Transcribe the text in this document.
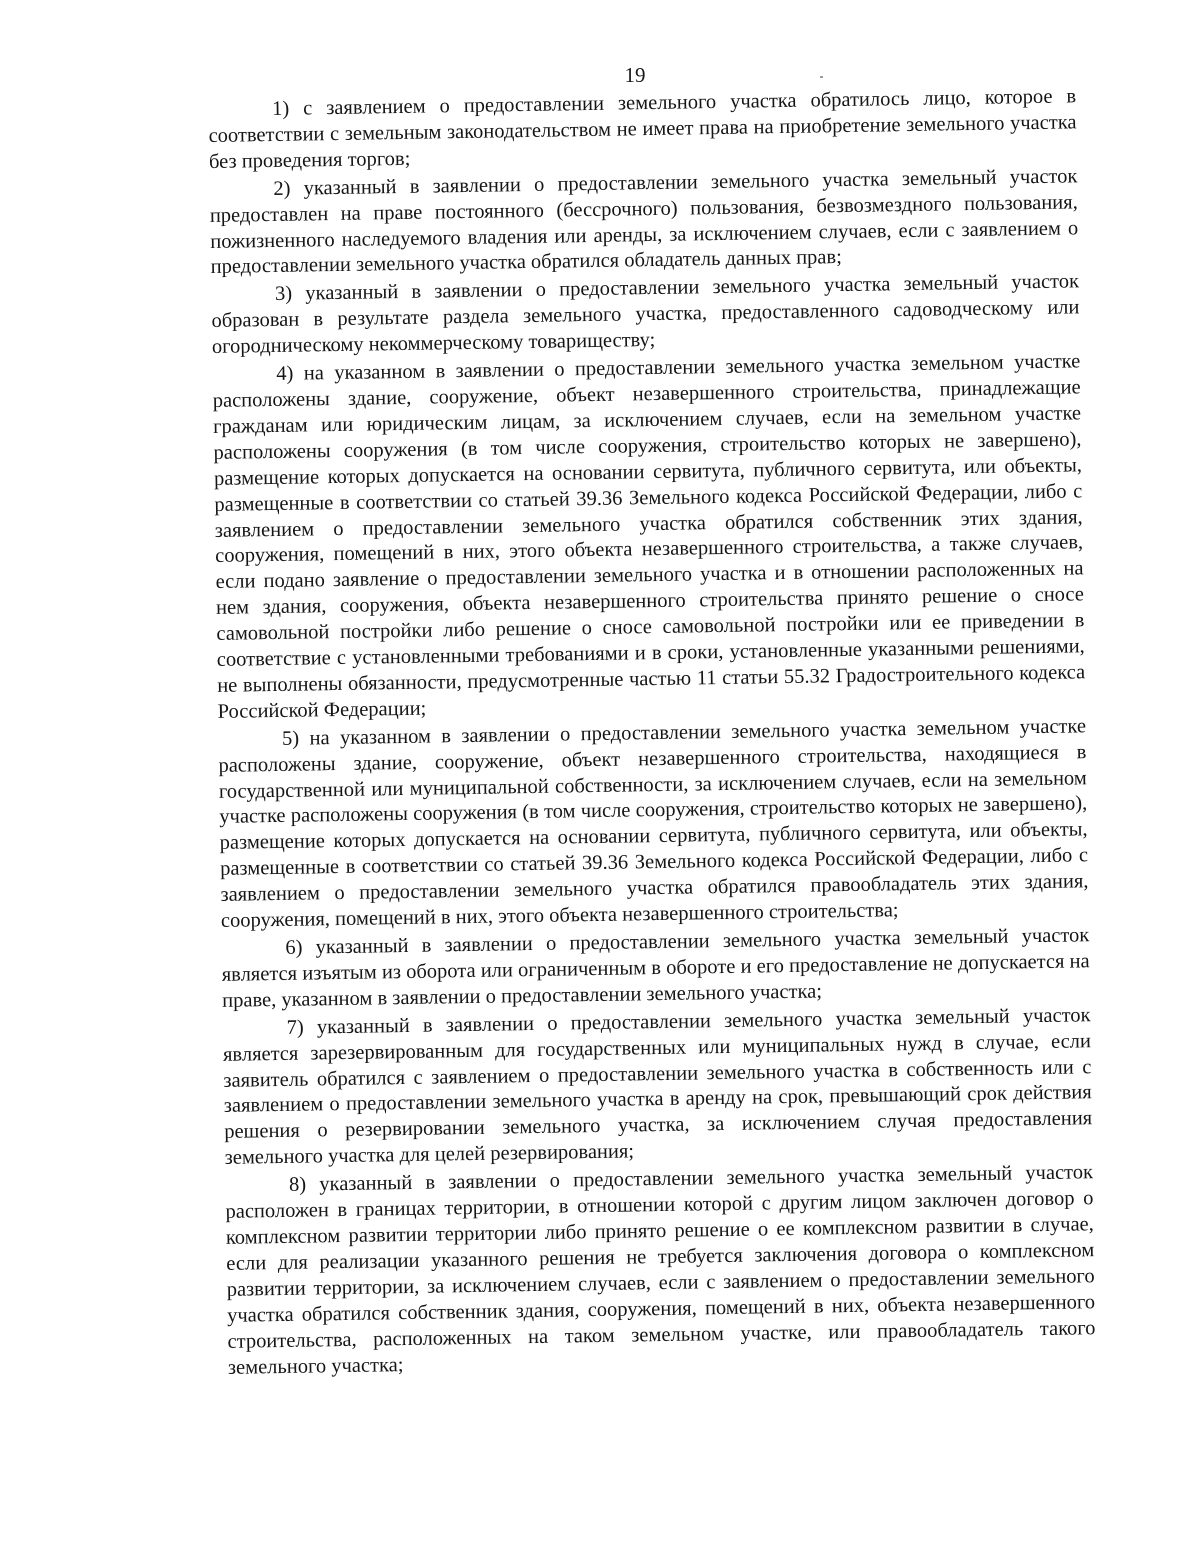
19

1) с заявлением о предоставлении земельного участка обратилось лицо, которое в соответствии с земельным законодательством не имеет права на приобретение земельного участка без проведения торгов;

2) указанный в заявлении о предоставлении земельного участка земельный участок предоставлен на праве постоянного (бессрочного) пользования, безвозмездного пользования, пожизненного наследуемого владения или аренды, за исключением случаев, если с заявлением о предоставлении земельного участка обратился обладатель данных прав;

3) указанный в заявлении о предоставлении земельного участка земельный участок образован в результате раздела земельного участка, предоставленного садоводческому или огородническому некоммерческому товариществу;

4) на указанном в заявлении о предоставлении земельного участка земельном участке расположены здание, сооружение, объект незавершенного строительства, принадлежащие гражданам или юридическим лицам, за исключением случаев, если на земельном участке расположены сооружения (в том числе сооружения, строительство которых не завершено), размещение которых допускается на основании сервитута, публичного сервитута, или объекты, размещенные в соответствии со статьей 39.36 Земельного кодекса Российской Федерации, либо с заявлением о предоставлении земельного участка обратился собственник этих здания, сооружения, помещений в них, этого объекта незавершенного строительства, а также случаев, если подано заявление о предоставлении земельного участка и в отношении расположенных на нем здания, сооружения, объекта незавершенного строительства принято решение о сносе самовольной постройки либо решение о сносе самовольной постройки или ее приведении в соответствие с установленными требованиями и в сроки, установленные указанными решениями, не выполнены обязанности, предусмотренные частью 11 статьи 55.32 Градостроительного кодекса Российской Федерации;

5) на указанном в заявлении о предоставлении земельного участка земельном участке расположены здание, сооружение, объект незавершенного строительства, находящиеся в государственной или муниципальной собственности, за исключением случаев, если на земельном участке расположены сооружения (в том числе сооружения, строительство которых не завершено), размещение которых допускается на основании сервитута, публичного сервитута, или объекты, размещенные в соответствии со статьей 39.36 Земельного кодекса Российской Федерации, либо с заявлением о предоставлении земельного участка обратился правообладатель этих здания, сооружения, помещений в них, этого объекта незавершенного строительства;

6) указанный в заявлении о предоставлении земельного участка земельный участок является изъятым из оборота или ограниченным в обороте и его предоставление не допускается на праве, указанном в заявлении о предоставлении земельного участка;

7) указанный в заявлении о предоставлении земельного участка земельный участок является зарезервированным для государственных или муниципальных нужд в случае, если заявитель обратился с заявлением о предоставлении земельного участка в собственность или с заявлением о предоставлении земельного участка в аренду на срок, превышающий срок действия решения о резервировании земельного участка, за исключением случая предоставления земельного участка для целей резервирования;

8) указанный в заявлении о предоставлении земельного участка земельный участок расположен в границах территории, в отношении которой с другим лицом заключен договор о комплексном развитии территории либо принято решение о ее комплексном развитии в случае, если для реализации указанного решения не требуется заключения договора о комплексном развитии территории, за исключением случаев, если с заявлением о предоставлении земельного участка обратился собственник здания, сооружения, помещений в них, объекта незавершенного строительства, расположенных на таком земельном участке, или правообладатель такого земельного участка;
